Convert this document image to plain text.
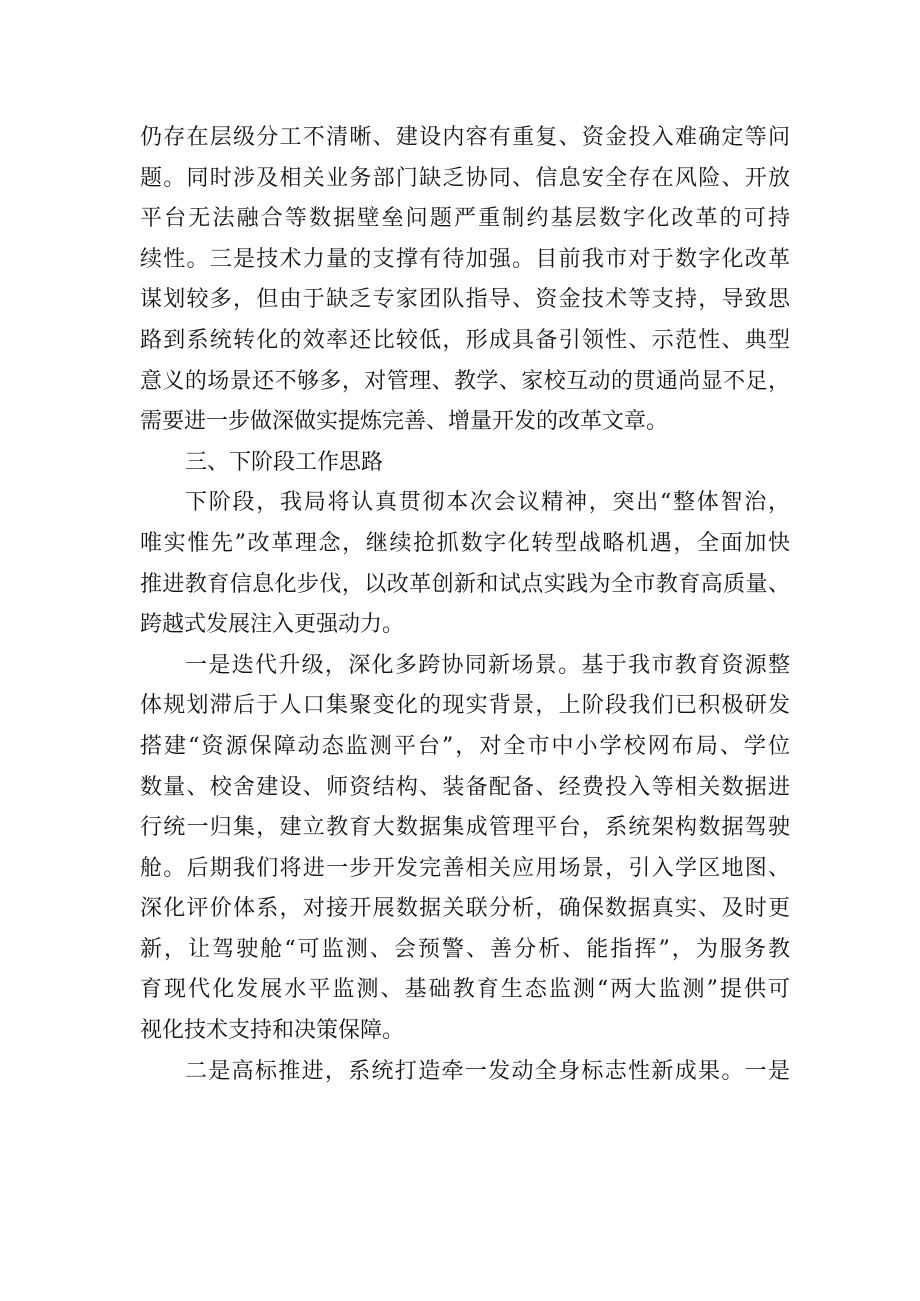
仍存在层级分工不清晰、建设内容有重复、资金投入难确定等问
题。同时涉及相关业务部门缺乏协同、信息安全存在风险、开放
平台无法融合等数据壁垒问题严重制约基层数字化改革的可持
续性。三是技术力量的支撑有待加强。目前我市对于数字化改革
谋划较多，但由于缺乏专家团队指导、资金技术等支持，导致思
路到系统转化的效率还比较低，形成具备引领性、示范性、典型
意义的场景还不够多，对管理、教学、家校互动的贯通尚显不足，
需要进一步做深做实提炼完善、增量开发的改革文章。
三、下阶段工作思路
下阶段，我局将认真贯彻本次会议精神，突出“整体智治，
唯实惟先”改革理念，继续抢抓数字化转型战略机遇，全面加快
推进教育信息化步伐，以改革创新和试点实践为全市教育高质量、
跨越式发展注入更强动力。
一是迭代升级，深化多跨协同新场景。基于我市教育资源整
体规划滞后于人口集聚变化的现实背景，上阶段我们已积极研发
搭建“资源保障动态监测平台”，对全市中小学校网布局、学位
数量、校舍建设、师资结构、装备配备、经费投入等相关数据进
行统一归集，建立教育大数据集成管理平台，系统架构数据驾驶
舱。后期我们将进一步开发完善相关应用场景，引入学区地图、
深化评价体系，对接开展数据关联分析，确保数据真实、及时更
新，让驾驶舱“可监测、会预警、善分析、能指挥”，为服务教
育现代化发展水平监测、基础教育生态监测“两大监测”提供可
视化技术支持和决策保障。
二是高标推进，系统打造牵一发动全身标志性新成果。一是
